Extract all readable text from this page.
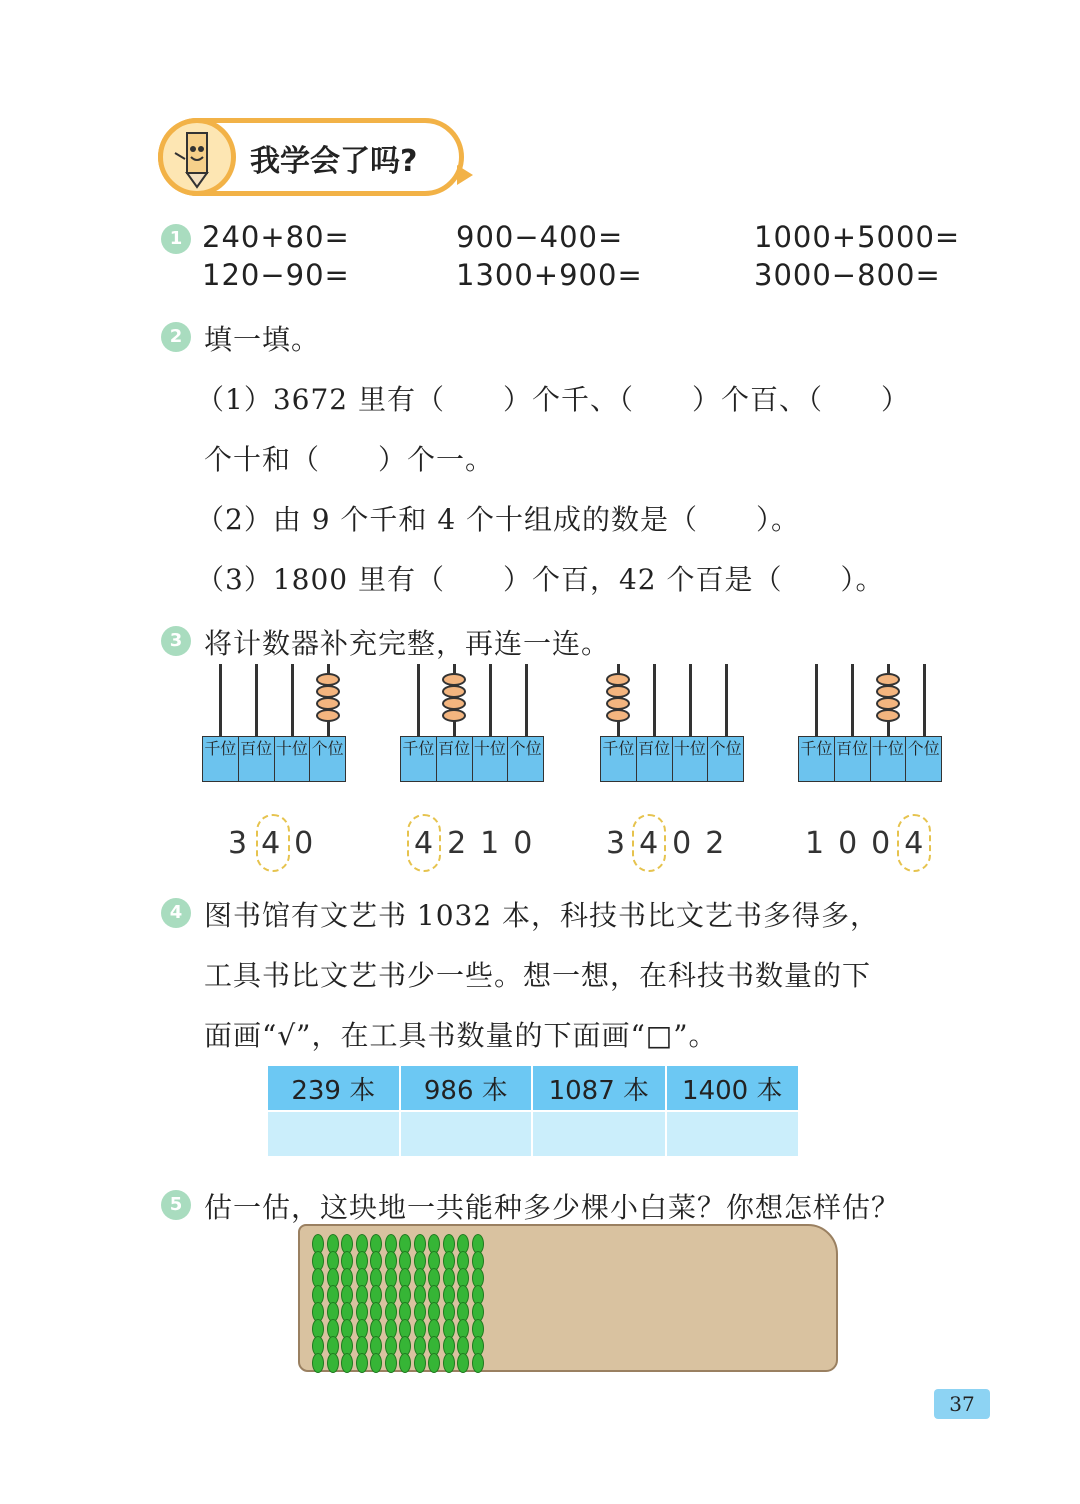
我学会了吗?
1 240+80=	900−400=	1000+5000=
120−90=	1300+900=	3000−800=
2 填一填。
（1）3672 里有（　　）个千、（　　）个百、（　　）
个十和（　　）个一。
（2）由 9 个千和 4 个十组成的数是（　　）。
（3）1800 里有（　　）个百，42 个百是（　　）。
3 将计数器补充完整，再连一连。
千位 百位 十位 个位	千位 百位 十位 个位	千位 百位 十位 个位	千位 百位 十位 个位
340	4210 3402 1004
4 图书馆有文艺书 1032 本，科技书比文艺书多得多，
工具书比文艺书少一些。想一想，在科技书数量的下
面画“√”，在工具书数量的下面画“□”。
239 本	986 本	1087 本	1400 本

5 估一估，这块地一共能种多少棵小白菜？你想怎样估？
37
